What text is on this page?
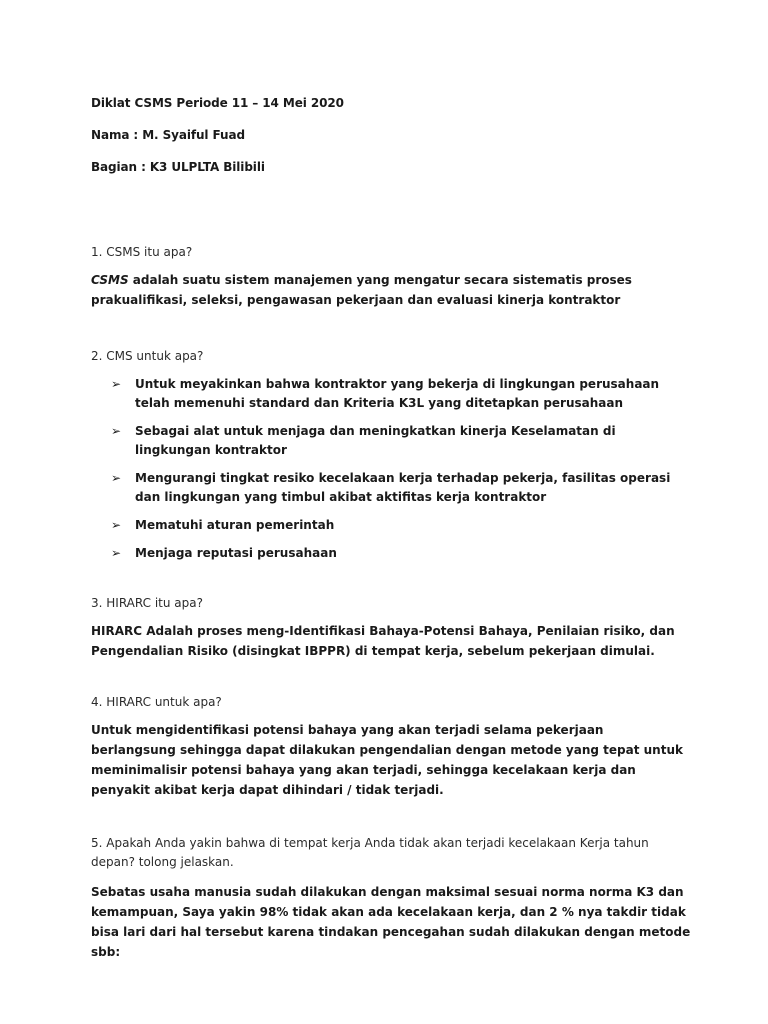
Diklat CSMS Periode 11 – 14 Mei 2020
Nama : M. Syaiful Fuad
Bagian : K3 ULPLTA Bilibili
1. CSMS itu apa?
CSMS adalah suatu sistem manajemen yang mengatur secara sistematis proses prakualifikasi, seleksi, pengawasan pekerjaan dan evaluasi kinerja kontraktor
2. CMS untuk apa?
➢ Untuk meyakinkan bahwa kontraktor yang bekerja di lingkungan perusahaan telah memenuhi standard dan Kriteria K3L yang ditetapkan perusahaan
➢ Sebagai alat untuk menjaga dan meningkatkan kinerja Keselamatan di lingkungan kontraktor
➢ Mengurangi tingkat resiko kecelakaan kerja terhadap pekerja, fasilitas operasi dan lingkungan yang timbul akibat aktifitas kerja kontraktor
➢ Mematuhi aturan pemerintah
➢ Menjaga reputasi perusahaan
3. HIRARC itu apa?
HIRARC Adalah proses meng-Identifikasi Bahaya-Potensi Bahaya, Penilaian risiko, dan Pengendalian Risiko (disingkat IBPPR) di tempat kerja, sebelum pekerjaan dimulai.
4. HIRARC untuk apa?
Untuk mengidentifikasi potensi bahaya yang akan terjadi selama pekerjaan berlangsung sehingga dapat dilakukan pengendalian dengan metode yang tepat untuk meminimalisir potensi bahaya yang akan terjadi, sehingga kecelakaan kerja dan penyakit akibat kerja dapat dihindari / tidak terjadi.
5. Apakah Anda yakin bahwa di tempat kerja Anda tidak akan terjadi kecelakaan Kerja tahun depan? tolong jelaskan.
Sebatas usaha manusia sudah dilakukan dengan maksimal sesuai norma norma K3 dan kemampuan, Saya yakin 98% tidak akan ada kecelakaan kerja, dan 2 % nya takdir tidak bisa lari dari hal tersebut karena tindakan pencegahan sudah dilakukan dengan metode sbb:
